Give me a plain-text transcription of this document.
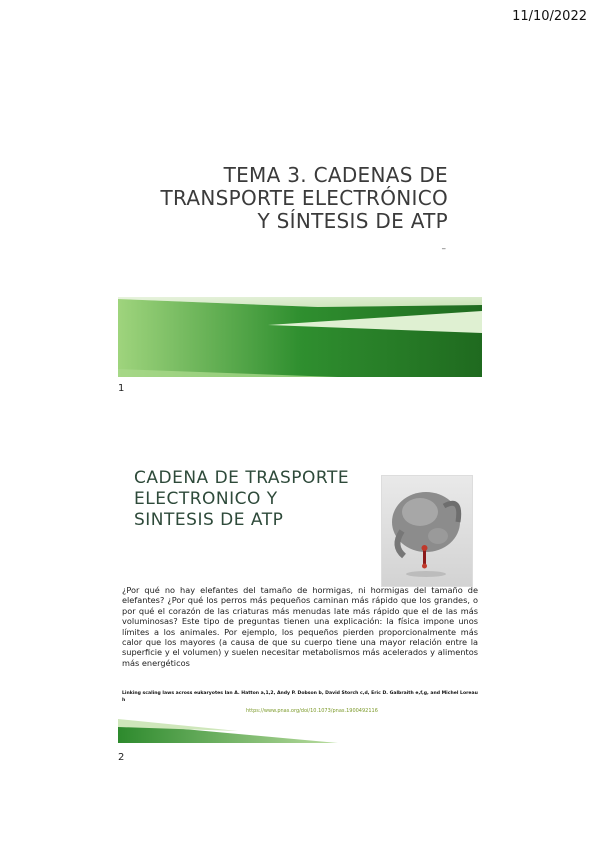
11/10/2022
TEMA 3. CADENAS DE
TRANSPORTE ELECTRÓNICO
Y SÍNTESIS DE ATP
–
1
CADENA DE TRASPORTE
ELECTRONICO Y
SINTESIS DE ATP
¿Por qué no hay elefantes del tamaño de hormigas, ni hormigas del tamaño de elefantes? ¿Por qué los perros más pequeños caminan más rápido que los grandes, o por qué el corazón de las criaturas más menudas late más rápido que el de las más voluminosas? Este tipo de preguntas tienen una explicación: la física impone unos límites a los animales. Por ejemplo, los pequeños pierden proporcionalmente más calor que los mayores (a causa de que su cuerpo tiene una mayor relación entre la superficie y el volumen) y suelen necesitar metabolismos más acelerados y alimentos más energéticos
Linking scaling laws across eukaryotes Ian A. Hatton a,1,2, Andy P. Dobson b, David Storch c,d, Eric D. Galbraith e,f,g, and Michel Loreau h
https://www.pnas.org/doi/10.1073/pnas.1900492116
2
